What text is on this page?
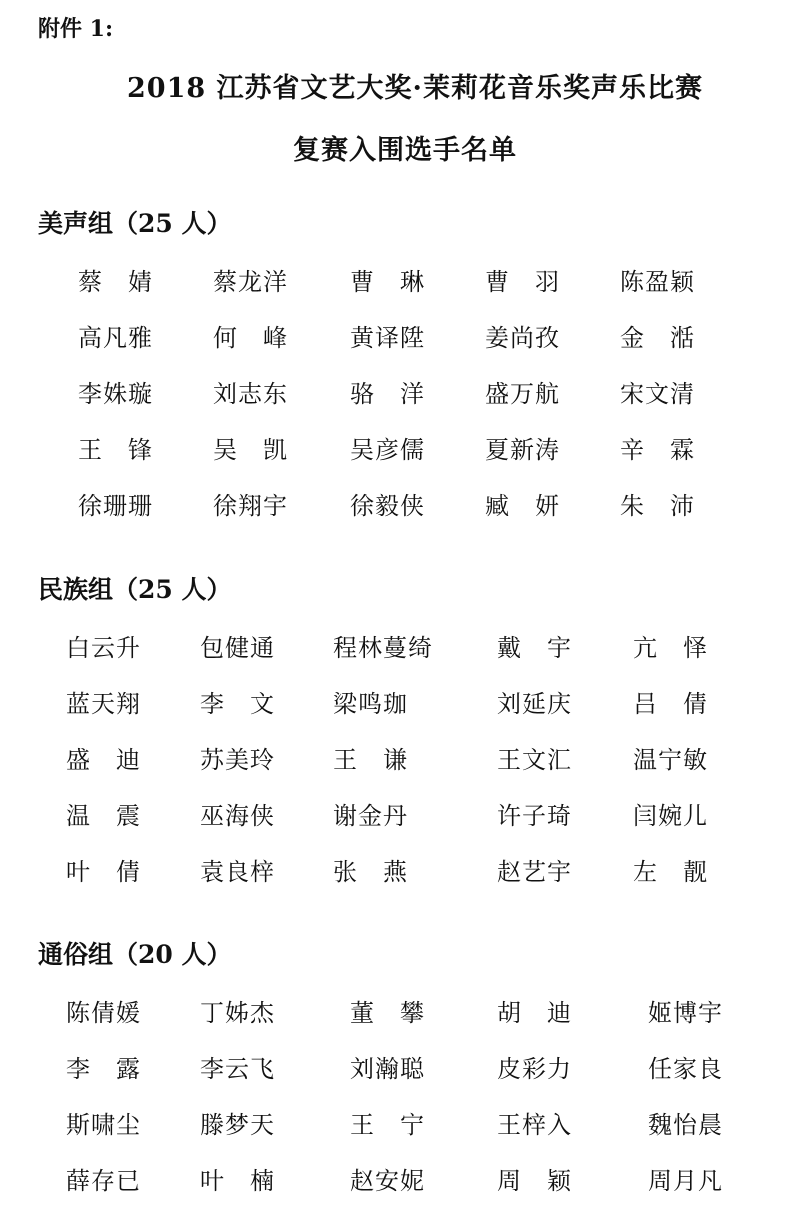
附件 1:
2018 江苏省文艺大奖·茉莉花音乐奖声乐比赛
复赛入围选手名单
美声组（25 人）
蔡　婧	蔡龙洋	曹　琳	曹　羽	陈盈颖
高凡雅	何　峰	黄译陞	姜尚孜	金　湉
李姝璇	刘志东	骆　洋	盛万航	宋文清
王　锋	吴　凯	吴彦儒	夏新涛	辛　霖
徐珊珊	徐翔宇	徐毅侠	臧　妍	朱　沛
民族组（25 人）
白云升 包健通 程林蔓绮	戴　宇	亢　怿
蓝天翔 李　文 梁鸣珈	刘延庆	吕　倩
盛　迪 苏美玲 王　谦	王文汇	温宁敏
温　震 巫海侠 谢金丹	许子琦	闫婉儿
叶　倩 袁良梓 张　燕	赵艺宇	左　靓
通俗组（20 人）
陈倩媛 丁姊杰	董　攀	胡　迪	姬博宇
李　露 李云飞	刘瀚聪	皮彩力	任家良
斯啸尘 滕梦天	王　宁	王梓入	魏怡晨
薛存已 叶　楠	赵安妮	周　颖	周月凡
